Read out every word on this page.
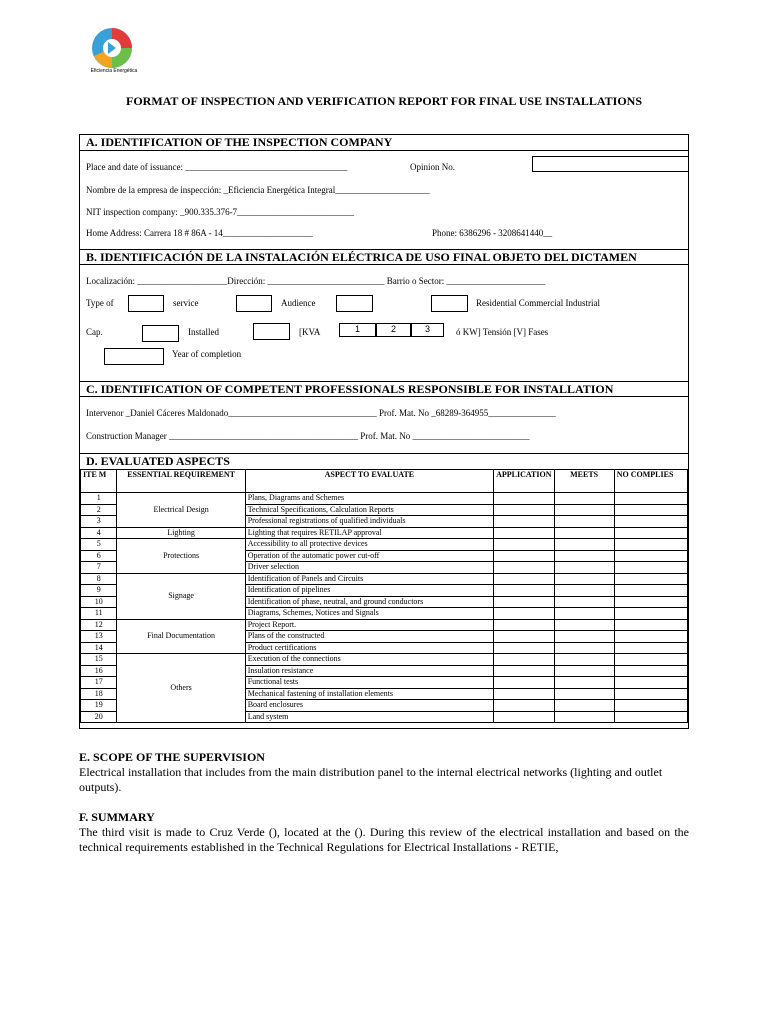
Eficiencia Energética
FORMAT OF INSPECTION AND VERIFICATION REPORT FOR FINAL USE INSTALLATIONS
A. IDENTIFICATION OF THE INSPECTION COMPANY
Place and date of issuance: ____________________________________	Opinion No.
Nombre de la empresa de inspección: _Eficiencia Energética Integral_____________________
NIT inspection company: _900.335.376-7__________________________
Home Address: Carrera 18 # 86A - 14____________________	Phone: 6386296 - 3208641440__
B. IDENTIFICACIÓN DE LA INSTALACIÓN ELÉCTRICA DE USO FINAL OBJETO DEL DICTAMEN
Localización: ____________________Dirección: __________________________ Barrio o Sector: ______________________
Type of	service	Audience	Residential Commercial Industrial
Cap.	Installed	[KVA	1	2	3	ó KW] Tensión [V] Fases
Year of completion
C. IDENTIFICATION OF COMPETENT PROFESSIONALS RESPONSIBLE FOR INSTALLATION
Intervenor _Daniel Cáceres Maldonado_________________________________ Prof. Mat. No _68289-364955_______________
Construction Manager __________________________________________ Prof. Mat. No __________________________
D. EVALUATED ASPECTS
ITE M	ESSENTIAL REQUIREMENT	ASPECT TO EVALUATE	APPLICATION	MEETS	NO COMPLIES
1	Electrical Design	Plans, Diagrams and Schemes			
2		Technical Specifications, Calculation Reports			
3		Professional registrations of qualified individuals			
4	Lighting	Lighting that requires RETILAP approval			
5	Protections	Accessibility to all protective devices			
6		Operation of the automatic power cut-off			
7		Driver selection			
8	Signage	Identification of Panels and Circuits			
9		Identification of pipelines			
10		Identification of phase, neutral, and ground conductors			
11		Diagrams, Schemes, Notices and Signals			
12	Final Documentation	Project Report.			
13		Plans of the constructed			
14		Product certifications			
15	Others	Execution of the connections			
16		Insulation resistance			
17		Functional tests			
18		Mechanical fastening of installation elements			
19		Board enclosures			
20		Land system			
E. SCOPE OF THE SUPERVISION
Electrical installation that includes from the main distribution panel to the internal electrical networks (lighting and outlet outputs).
F. SUMMARY
The third visit is made to Cruz Verde (), located at the (). During this review of the electrical installation and based on the technical requirements established in the Technical Regulations for Electrical Installations - RETIE,
